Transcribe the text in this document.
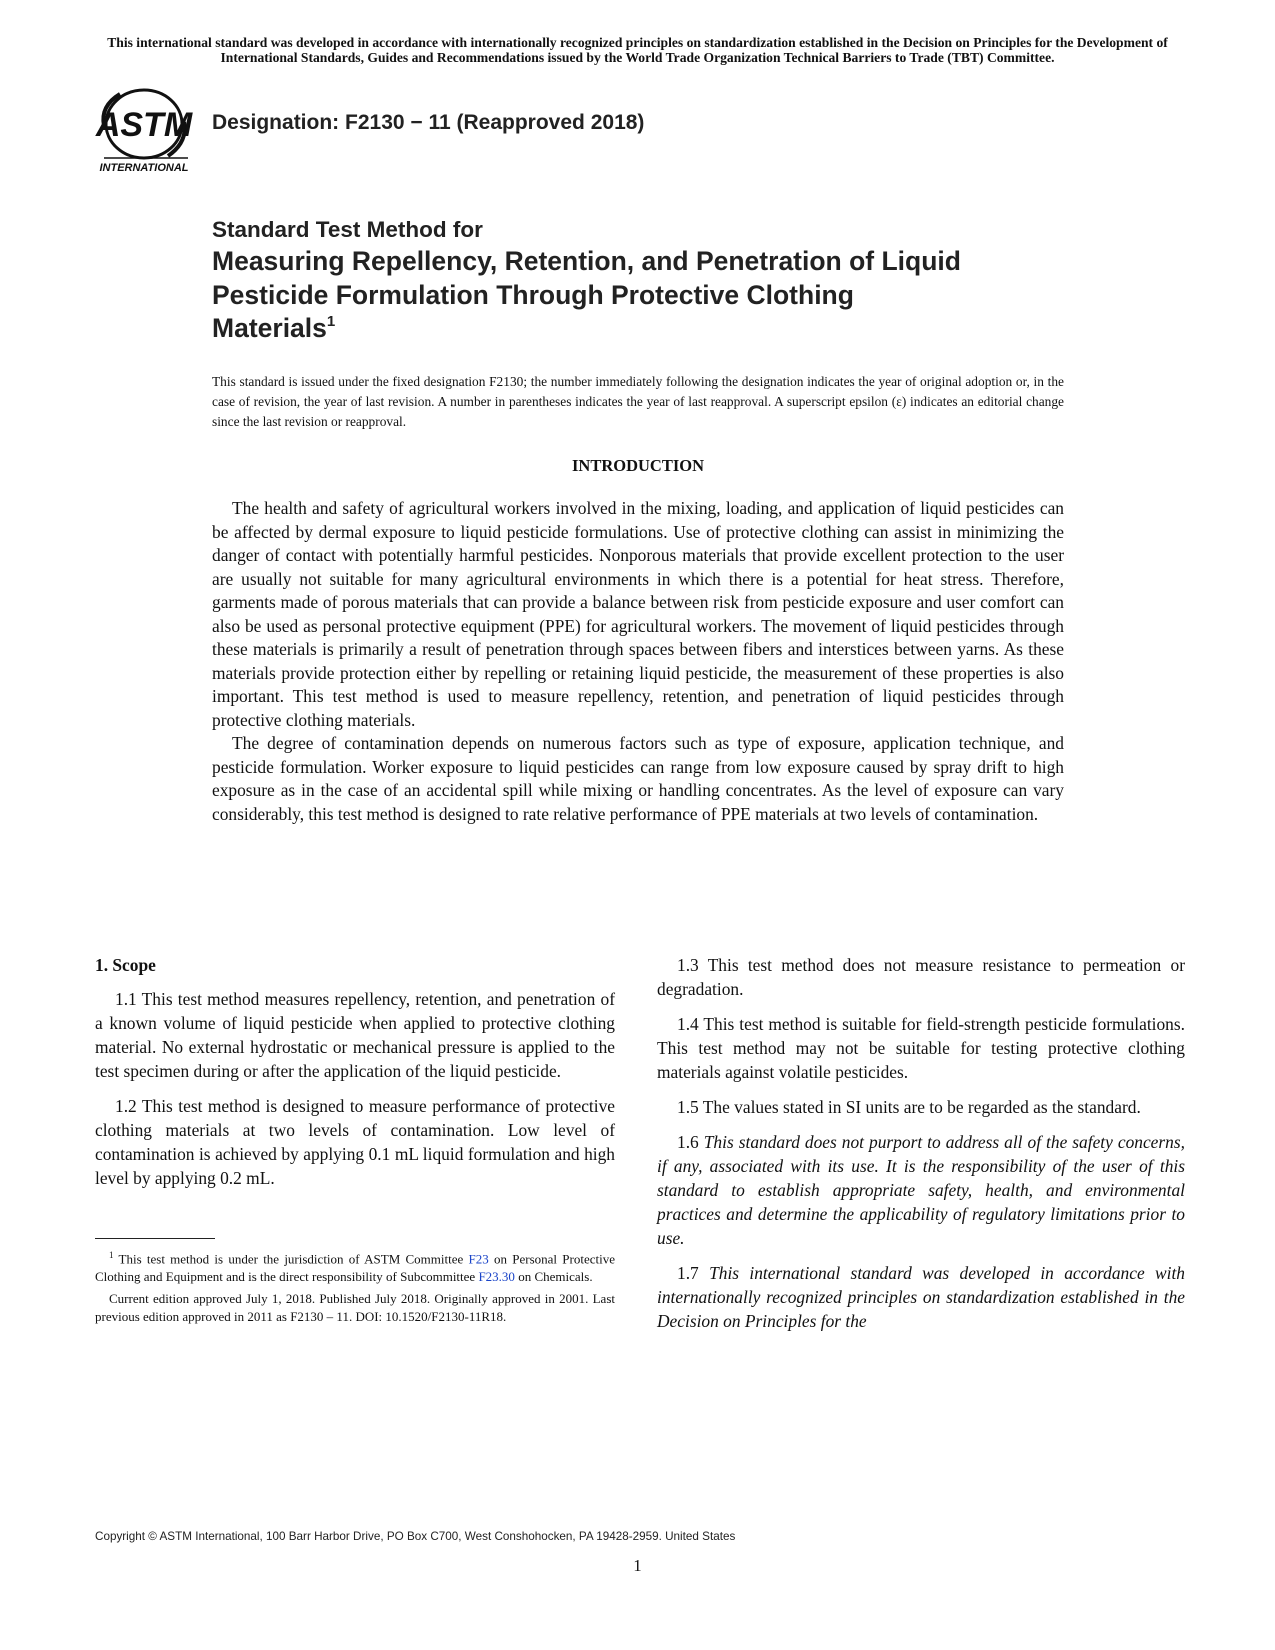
This international standard was developed in accordance with internationally recognized principles on standardization established in the Decision on Principles for the Development of International Standards, Guides and Recommendations issued by the World Trade Organization Technical Barriers to Trade (TBT) Committee.
ASTM
INTERNATIONAL
Designation: F2130 − 11 (Reapproved 2018)
Standard Test Method for
Measuring Repellency, Retention, and Penetration of Liquid
Pesticide Formulation Through Protective Clothing
Materials$^1$
This standard is issued under the fixed designation F2130; the number immediately following the designation indicates the year of original adoption or, in the case of revision, the year of last revision. A number in parentheses indicates the year of last reapproval. A superscript epsilon (ε) indicates an editorial change since the last revision or reapproval.
INTRODUCTION

The health and safety of agricultural workers involved in the mixing, loading, and application of liquid pesticides can be affected by dermal exposure to liquid pesticide formulations. Use of protective clothing can assist in minimizing the danger of contact with potentially harmful pesticides. Nonporous materials that provide excellent protection to the user are usually not suitable for many agricultural environments in which there is a potential for heat stress. Therefore, garments made of porous materials that can provide a balance between risk from pesticide exposure and user comfort can also be used as personal protective equipment (PPE) for agricultural workers. The movement of liquid pesticides through these materials is primarily a result of penetration through spaces between fibers and interstices between yarns. As these materials provide protection either by repelling or retaining liquid pesticide, the measurement of these properties is also important. This test method is used to measure repellency, retention, and penetration of liquid pesticides through protective clothing materials.

The degree of contamination depends on numerous factors such as type of exposure, application technique, and pesticide formulation. Worker exposure to liquid pesticides can range from low exposure caused by spray drift to high exposure as in the case of an accidental spill while mixing or handling concentrates. As the level of exposure can vary considerably, this test method is designed to rate relative performance of PPE materials at two levels of contamination.

1. Scope

1.1 This test method measures repellency, retention, and penetration of a known volume of liquid pesticide when applied to protective clothing material. No external hydrostatic or mechanical pressure is applied to the test specimen during or after the application of the liquid pesticide.

1.2 This test method is designed to measure performance of protective clothing materials at two levels of contamination. Low level of contamination is achieved by applying 0.1 mL liquid formulation and high level by applying 0.2 mL.

1.3 This test method does not measure resistance to permeation or degradation.

1.4 This test method is suitable for field-strength pesticide formulations. This test method may not be suitable for testing protective clothing materials against volatile pesticides.

1.5 The values stated in SI units are to be regarded as the standard.

1.6 This standard does not purport to address all of the safety concerns, if any, associated with its use. It is the responsibility of the user of this standard to establish appropriate safety, health, and environmental practices and determine the applicability of regulatory limitations prior to use.

1.7 This international standard was developed in accordance with internationally recognized principles on standardization established in the Decision on Principles for the

$^1$ This test method is under the jurisdiction of ASTM Committee F23 on Personal Protective Clothing and Equipment and is the direct responsibility of Subcommittee F23.30 on Chemicals.

Current edition approved July 1, 2018. Published July 2018. Originally approved in 2001. Last previous edition approved in 2011 as F2130 – 11. DOI: 10.1520/F2130-11R18.

Copyright © ASTM International, 100 Barr Harbor Drive, PO Box C700, West Conshohocken, PA 19428-2959. United States
1
